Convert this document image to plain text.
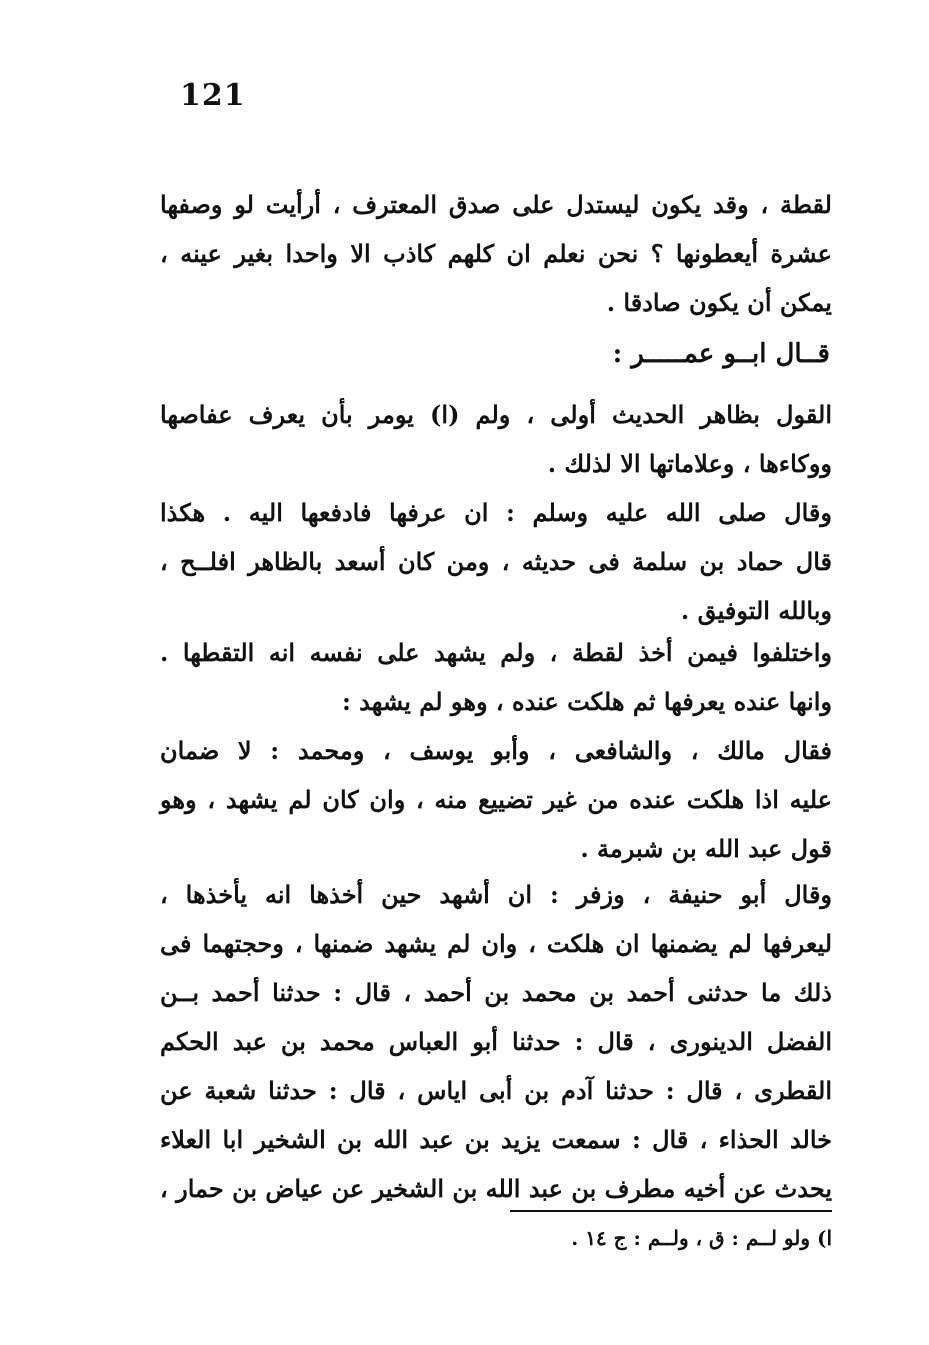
121
لقطة ، وقد يكون ليستدل على صدق المعترف ، أرأيت لو وصفها
عشرة أيعطونها ؟ نحن نعلم ان كلهم كاذب الا واحدا بغير عينه ،
يمكن أن يكون صادقا .
قــال ابــو عمـــــر :
القول بظاهر الحديث أولى ، ولم (ا) يومر بأن يعرف عفاصها
ووكاءها ، وعلاماتها الا لذلك .
وقال صلى الله عليه وسلم : ان عرفها فادفعها اليه . هكذا
قال حماد بن سلمة فى حديثه ، ومن كان أسعد بالظاهر افلــح ،
وبالله التوفيق .
واختلفوا فيمن أخذ لقطة ، ولم يشهد على نفسه انه التقطها .
وانها عنده يعرفها ثم هلكت عنده ، وهو لم يشهد :
فقال مالك ، والشافعى ، وأبو يوسف ، ومحمد : لا ضمان
عليه اذا هلكت عنده من غير تضييع منه ، وان كان لم يشهد ، وهو
قول عبد الله بن شبرمة .
وقال أبو حنيفة ، وزفر : ان أشهد حين أخذها انه يأخذها ،
ليعرفها لم يضمنها ان هلكت ، وان لم يشهد ضمنها ، وحجتهما فى
ذلك ما حدثنى أحمد بن محمد بن أحمد ، قال : حدثنا أحمد بــن
الفضل الدينورى ، قال : حدثنا أبو العباس محمد بن عبد الحكم
القطرى ، قال : حدثنا آدم بن أبى اياس ، قال : حدثنا شعبة عن
خالد الحذاء ، قال : سمعت يزيد بن عبد الله بن الشخير ابا العلاء
يحدث عن أخيه مطرف بن عبد الله بن الشخير عن عياض بن حمار ،
ا) ولو لــم : ق ، ولــم : ج ١٤ .
